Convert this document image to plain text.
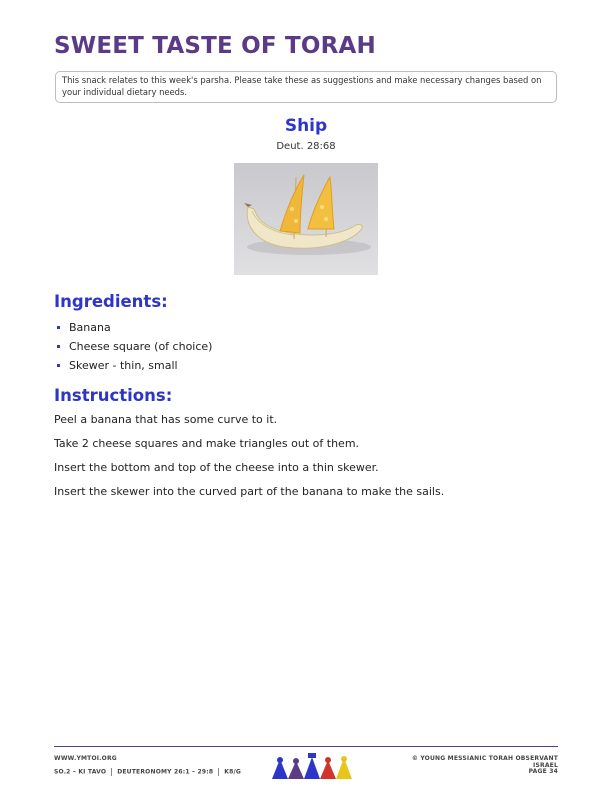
SWEET TASTE OF TORAH
This snack relates to this week's parsha. Please take these as suggestions and make necessary changes based on your individual dietary needs.
Ship
Deut. 28:68
Ingredients:
Banana
Cheese square (of choice)
Skewer - thin, small
Instructions:

Peel a banana that has some curve to it.

Take 2 cheese squares and make triangles out of them.

Insert the bottom and top of the cheese into a thin skewer.

Insert the skewer into the curved part of the banana to make the sails.

WWW.YMTOI.ORG
SO.2 – KI TAVO DEUTERONOMY 26:1 – 29:8 K8/G
© YOUNG MESSIANIC TORAH OBSERVANT ISRAEL
PAGE 34
